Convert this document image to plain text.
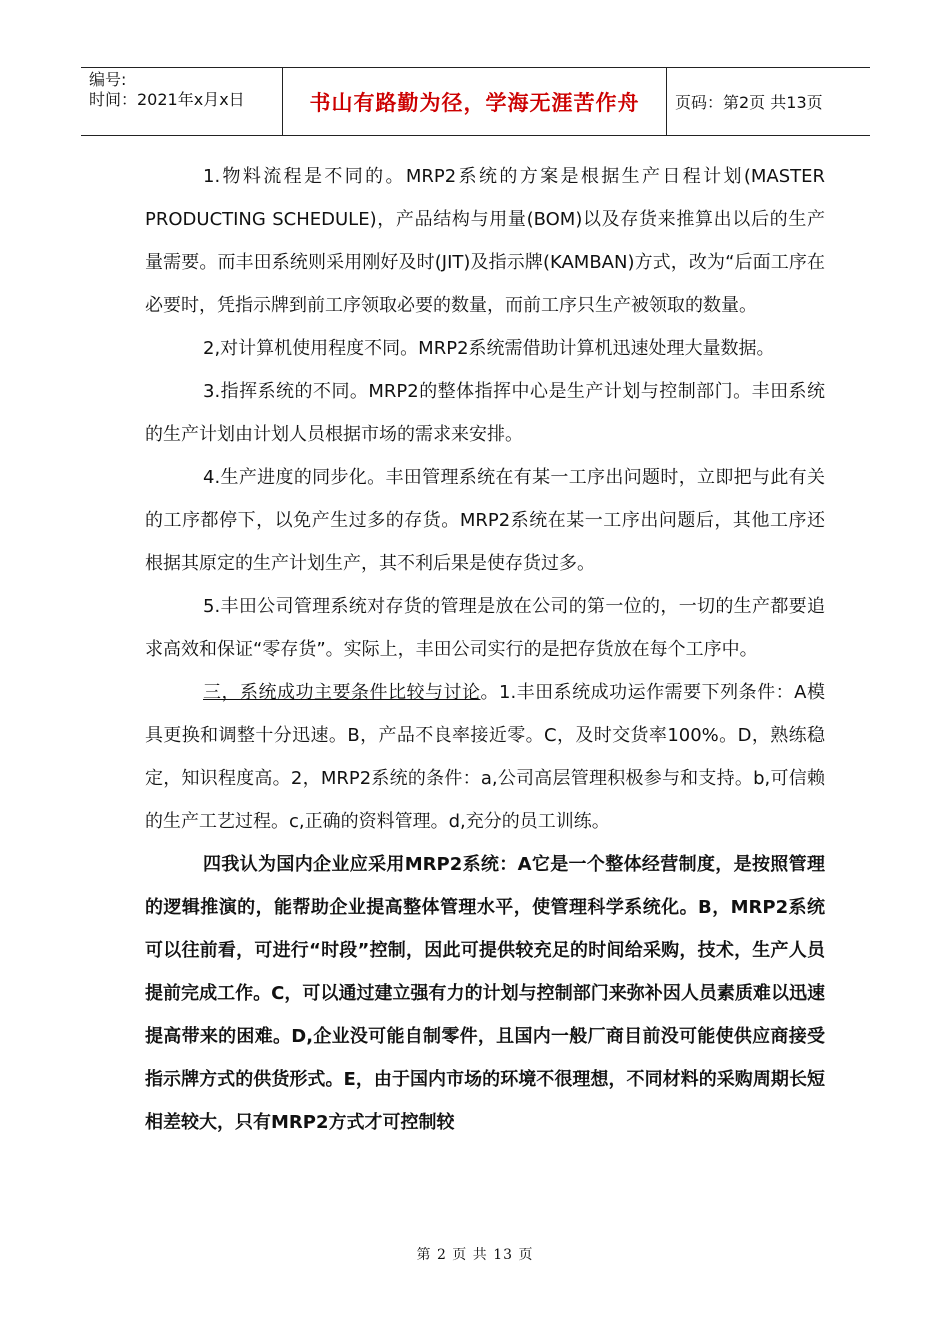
编号:
时间：2021年x月x日	书山有路勤为径，学海无涯苦作舟	页码：第2页 共13页

1.物料流程是不同的。MRP2系统的方案是根据生产日程计划(MASTER PRODUCTING SCHEDULE)，产品结构与用量(BOM)以及存货来推算出以后的生产量需要。而丰田系统则采用刚好及时(JIT)及指示牌(KAMBAN)方式，改为“后面工序在必要时，凭指示牌到前工序领取必要的数量，而前工序只生产被领取的数量。

2,对计算机使用程度不同。MRP2系统需借助计算机迅速处理大量数据。

3.指挥系统的不同。MRP2的整体指挥中心是生产计划与控制部门。丰田系统的生产计划由计划人员根据市场的需求来安排。

4.生产进度的同步化。丰田管理系统在有某一工序出问题时，立即把与此有关的工序都停下，以免产生过多的存货。MRP2系统在某一工序出问题后，其他工序还根据其原定的生产计划生产，其不利后果是使存货过多。

5.丰田公司管理系统对存货的管理是放在公司的第一位的，一切的生产都要追求高效和保证“零存货”。实际上，丰田公司实行的是把存货放在每个工序中。

三，系统成功主要条件比较与讨论。1.丰田系统成功运作需要下列条件：A模具更换和调整十分迅速。B，产品不良率接近零。C，及时交货率100%。D，熟练稳定，知识程度高。2，MRP2系统的条件：a,公司高层管理积极参与和支持。b,可信赖的生产工艺过程。c,正确的资料管理。d,充分的员工训练。

四我认为国内企业应采用MRP2系统：A它是一个整体经营制度，是按照管理的逻辑推演的，能帮助企业提高整体管理水平，使管理科学系统化。B，MRP2系统可以往前看，可进行“时段”控制，因此可提供较充足的时间给采购，技术，生产人员提前完成工作。C，可以通过建立强有力的计划与控制部门来弥补因人员素质难以迅速提高带来的困难。D,企业没可能自制零件，且国内一般厂商目前没可能使供应商接受指示牌方式的供货形式。E，由于国内市场的环境不很理想，不同材料的采购周期长短相差较大，只有MRP2方式才可控制较

第 2 页 共 13 页
